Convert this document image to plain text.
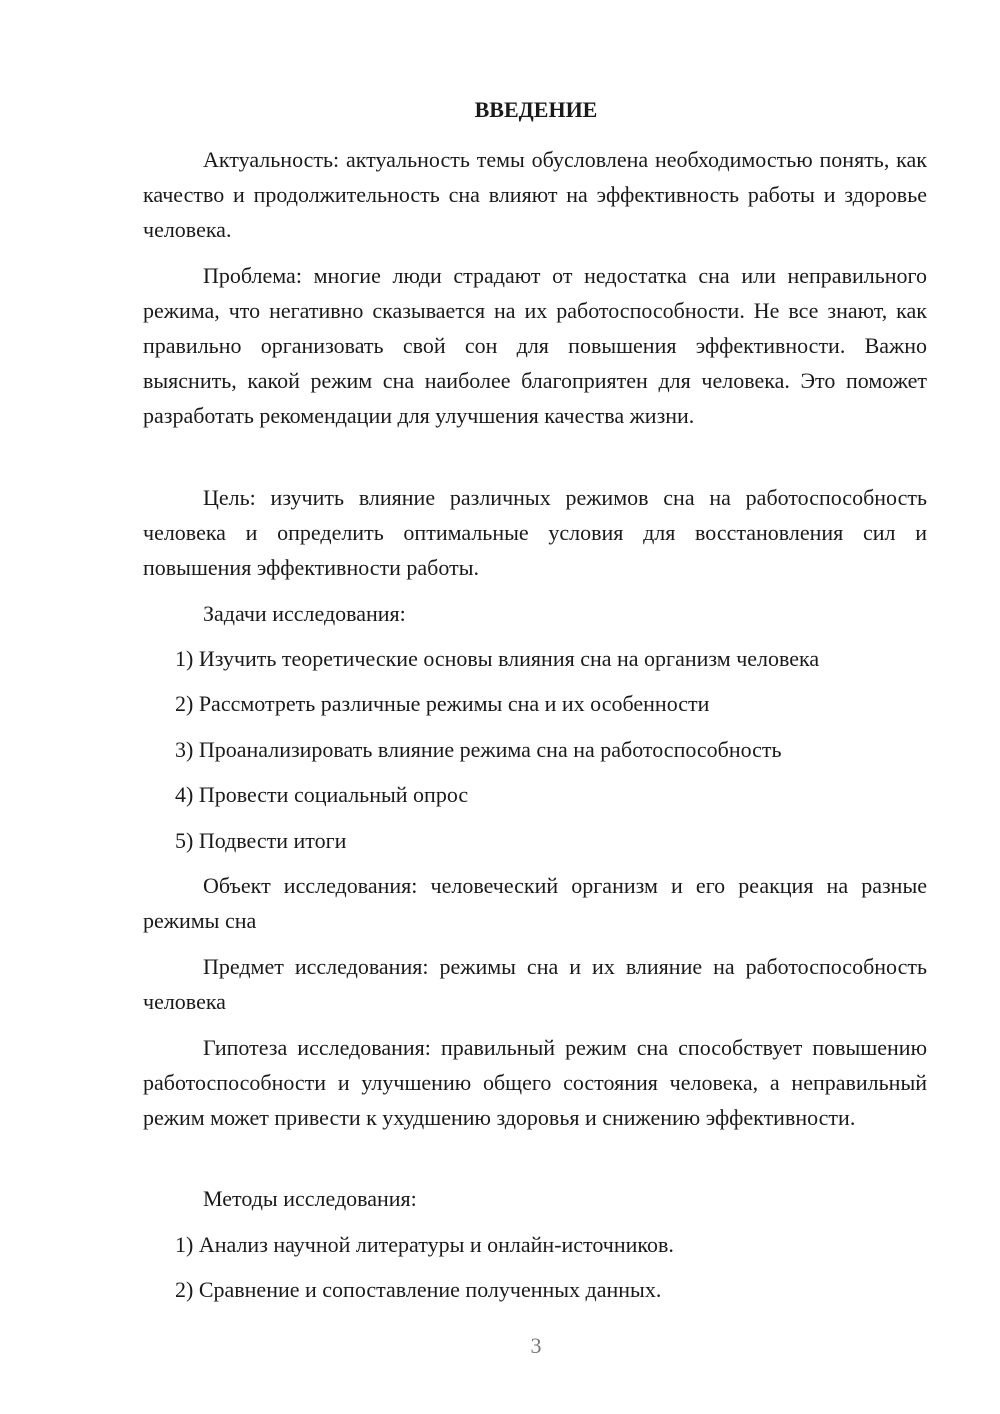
ВВЕДЕНИЕ

Актуальность: актуальность темы обусловлена необходимостью понять, как качество и продолжительность сна влияют на эффективность работы и здоровье человека.

Проблема: многие люди страдают от недостатка сна или неправильного режима, что негативно сказывается на их работоспособности. Не все знают, как правильно организовать свой сон для повышения эффективности. Важно выяснить, какой режим сна наиболее благоприятен для человека. Это поможет разработать рекомендации для улучшения качества жизни.

Цель: изучить влияние различных режимов сна на работоспособность человека и определить оптимальные условия для восстановления сил и повышения эффективности работы.

Задачи исследования:

1) Изучить теоретические основы влияния сна на организм человека

2) Рассмотреть различные режимы сна и их особенности

3) Проанализировать влияние режима сна на работоспособность

4) Провести социальный опрос

5) Подвести итоги

Объект исследования: человеческий организм и его реакция на разные режимы сна

Предмет исследования: режимы сна и их влияние на работоспособность человека

Гипотеза исследования: правильный режим сна способствует повышению работоспособности и улучшению общего состояния человека, а неправильный режим может привести к ухудшению здоровья и снижению эффективности.

Методы исследования:

1) Анализ научной литературы и онлайн-источников.

2) Сравнение и сопоставление полученных данных.

3
